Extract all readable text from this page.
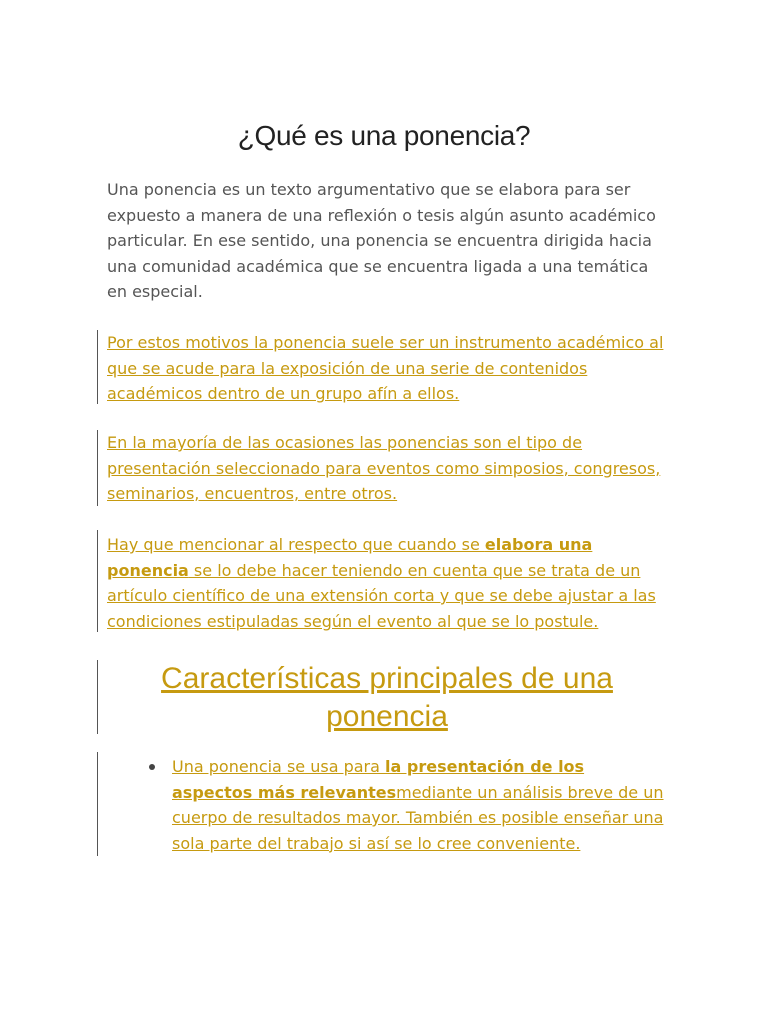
¿Qué es una ponencia?

Una ponencia es un texto argumentativo que se elabora para ser expuesto a manera de una reflexión o tesis algún asunto académico particular. En ese sentido, una ponencia se encuentra dirigida hacia una comunidad académica que se encuentra ligada a una temática en especial.

Por estos motivos la ponencia suele ser un instrumento académico al que se acude para la exposición de una serie de contenidos académicos dentro de un grupo afín a ellos.

En la mayoría de las ocasiones las ponencias son el tipo de presentación seleccionado para eventos como simposios, congresos, seminarios, encuentros, entre otros.

Hay que mencionar al respecto que cuando se elabora una ponencia se lo debe hacer teniendo en cuenta que se trata de un artículo científico de una extensión corta y que se debe ajustar a las condiciones estipuladas según el evento al que se lo postule.

Características principales de una ponencia
Una ponencia se usa para la presentación de los aspectos más relevantesmediante un análisis breve de un cuerpo de resultados mayor. También es posible enseñar una sola parte del trabajo si así se lo cree conveniente.
